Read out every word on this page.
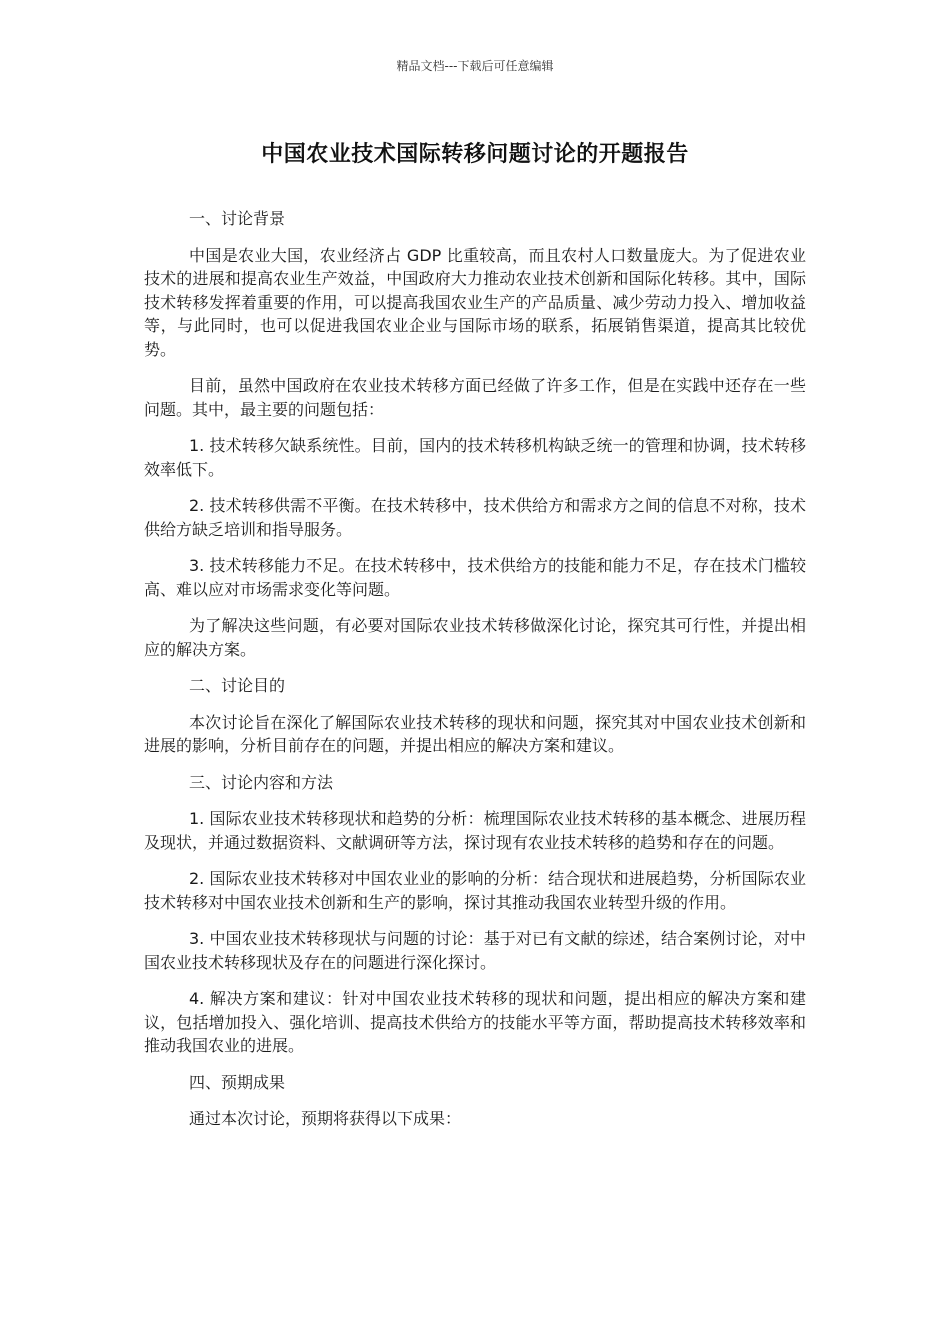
精品文档---下载后可任意编辑
中国农业技术国际转移问题讨论的开题报告
一、讨论背景

中国是农业大国，农业经济占 GDP 比重较高，而且农村人口数量庞大。为了促进农业技术的进展和提高农业生产效益，中国政府大力推动农业技术创新和国际化转移。其中，国际技术转移发挥着重要的作用，可以提高我国农业生产的产品质量、减少劳动力投入、增加收益等，与此同时，也可以促进我国农业企业与国际市场的联系，拓展销售渠道，提高其比较优势。

目前，虽然中国政府在农业技术转移方面已经做了许多工作，但是在实践中还存在一些问题。其中，最主要的问题包括：

1. 技术转移欠缺系统性。目前，国内的技术转移机构缺乏统一的管理和协调，技术转移效率低下。

2. 技术转移供需不平衡。在技术转移中，技术供给方和需求方之间的信息不对称，技术供给方缺乏培训和指导服务。

3. 技术转移能力不足。在技术转移中，技术供给方的技能和能力不足，存在技术门槛较高、难以应对市场需求变化等问题。

为了解决这些问题，有必要对国际农业技术转移做深化讨论，探究其可行性，并提出相应的解决方案。

二、讨论目的

本次讨论旨在深化了解国际农业技术转移的现状和问题，探究其对中国农业技术创新和进展的影响，分析目前存在的问题，并提出相应的解决方案和建议。

三、讨论内容和方法

1. 国际农业技术转移现状和趋势的分析：梳理国际农业技术转移的基本概念、进展历程及现状，并通过数据资料、文献调研等方法，探讨现有农业技术转移的趋势和存在的问题。

2. 国际农业技术转移对中国农业业的影响的分析：结合现状和进展趋势，分析国际农业技术转移对中国农业技术创新和生产的影响，探讨其推动我国农业转型升级的作用。

3. 中国农业技术转移现状与问题的讨论：基于对已有文献的综述，结合案例讨论，对中国农业技术转移现状及存在的问题进行深化探讨。

4. 解决方案和建议：针对中国农业技术转移的现状和问题，提出相应的解决方案和建议，包括增加投入、强化培训、提高技术供给方的技能水平等方面，帮助提高技术转移效率和推动我国农业的进展。

四、预期成果

通过本次讨论，预期将获得以下成果：
